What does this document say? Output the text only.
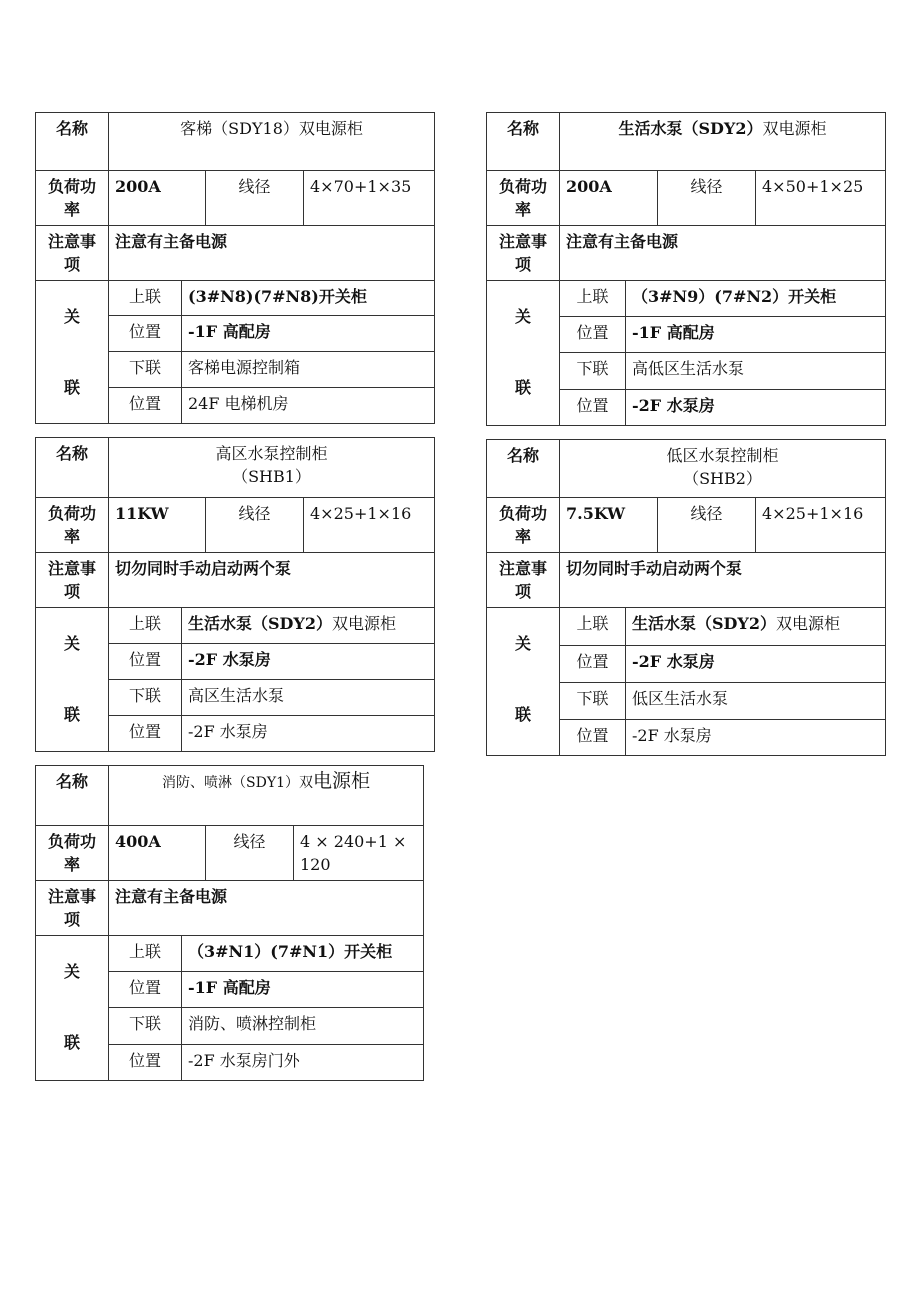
名称	客梯（SDY18）双电源柜			
负荷功
率	200A		线径	4×70+1×35
注意事
项	注意有主备电源			

关
联	上联	(3#N8)(7#N8)开关柜		
	位置	-1F 高配房		
	下联	客梯电源控制箱		
	位置	24F 电梯机房		
名称	生活水泵（SDY2）双电源柜			
负荷功
率	200A		线径	4×50+1×25
注意事
项	注意有主备电源			

关
联	上联	（3#N9）(7#N2）开关柜		
	位置	-1F 高配房		
	下联	高低区生活水泵		
	位置	-2F 水泵房		
名称	高区水泵控制柜
（SHB1）			
负荷功
率	11KW		线径	4×25+1×16
注意事
项	切勿同时手动启动两个泵			

关
联	上联	生活水泵（SDY2）双电源柜		
	位置	-2F 水泵房		
	下联	高区生活水泵		
	位置	-2F 水泵房		
名称	低区水泵控制柜
（SHB2）			
负荷功
率	7.5KW		线径	4×25+1×16
注意事
项	切勿同时手动启动两个泵			

关
联	上联	生活水泵（SDY2）双电源柜		
	位置	-2F 水泵房		
	下联	低区生活水泵		
	位置	-2F 水泵房		
名称	消防、喷淋（SDY1）双电源柜			
负荷功
率	400A		线径	4 × 240+1 × 120
注意事
项	注意有主备电源			

关
联	上联	（3#N1）(7#N1）开关柜		
	位置	-1F 高配房		
	下联	消防、喷淋控制柜		
	位置	-2F 水泵房门外		
